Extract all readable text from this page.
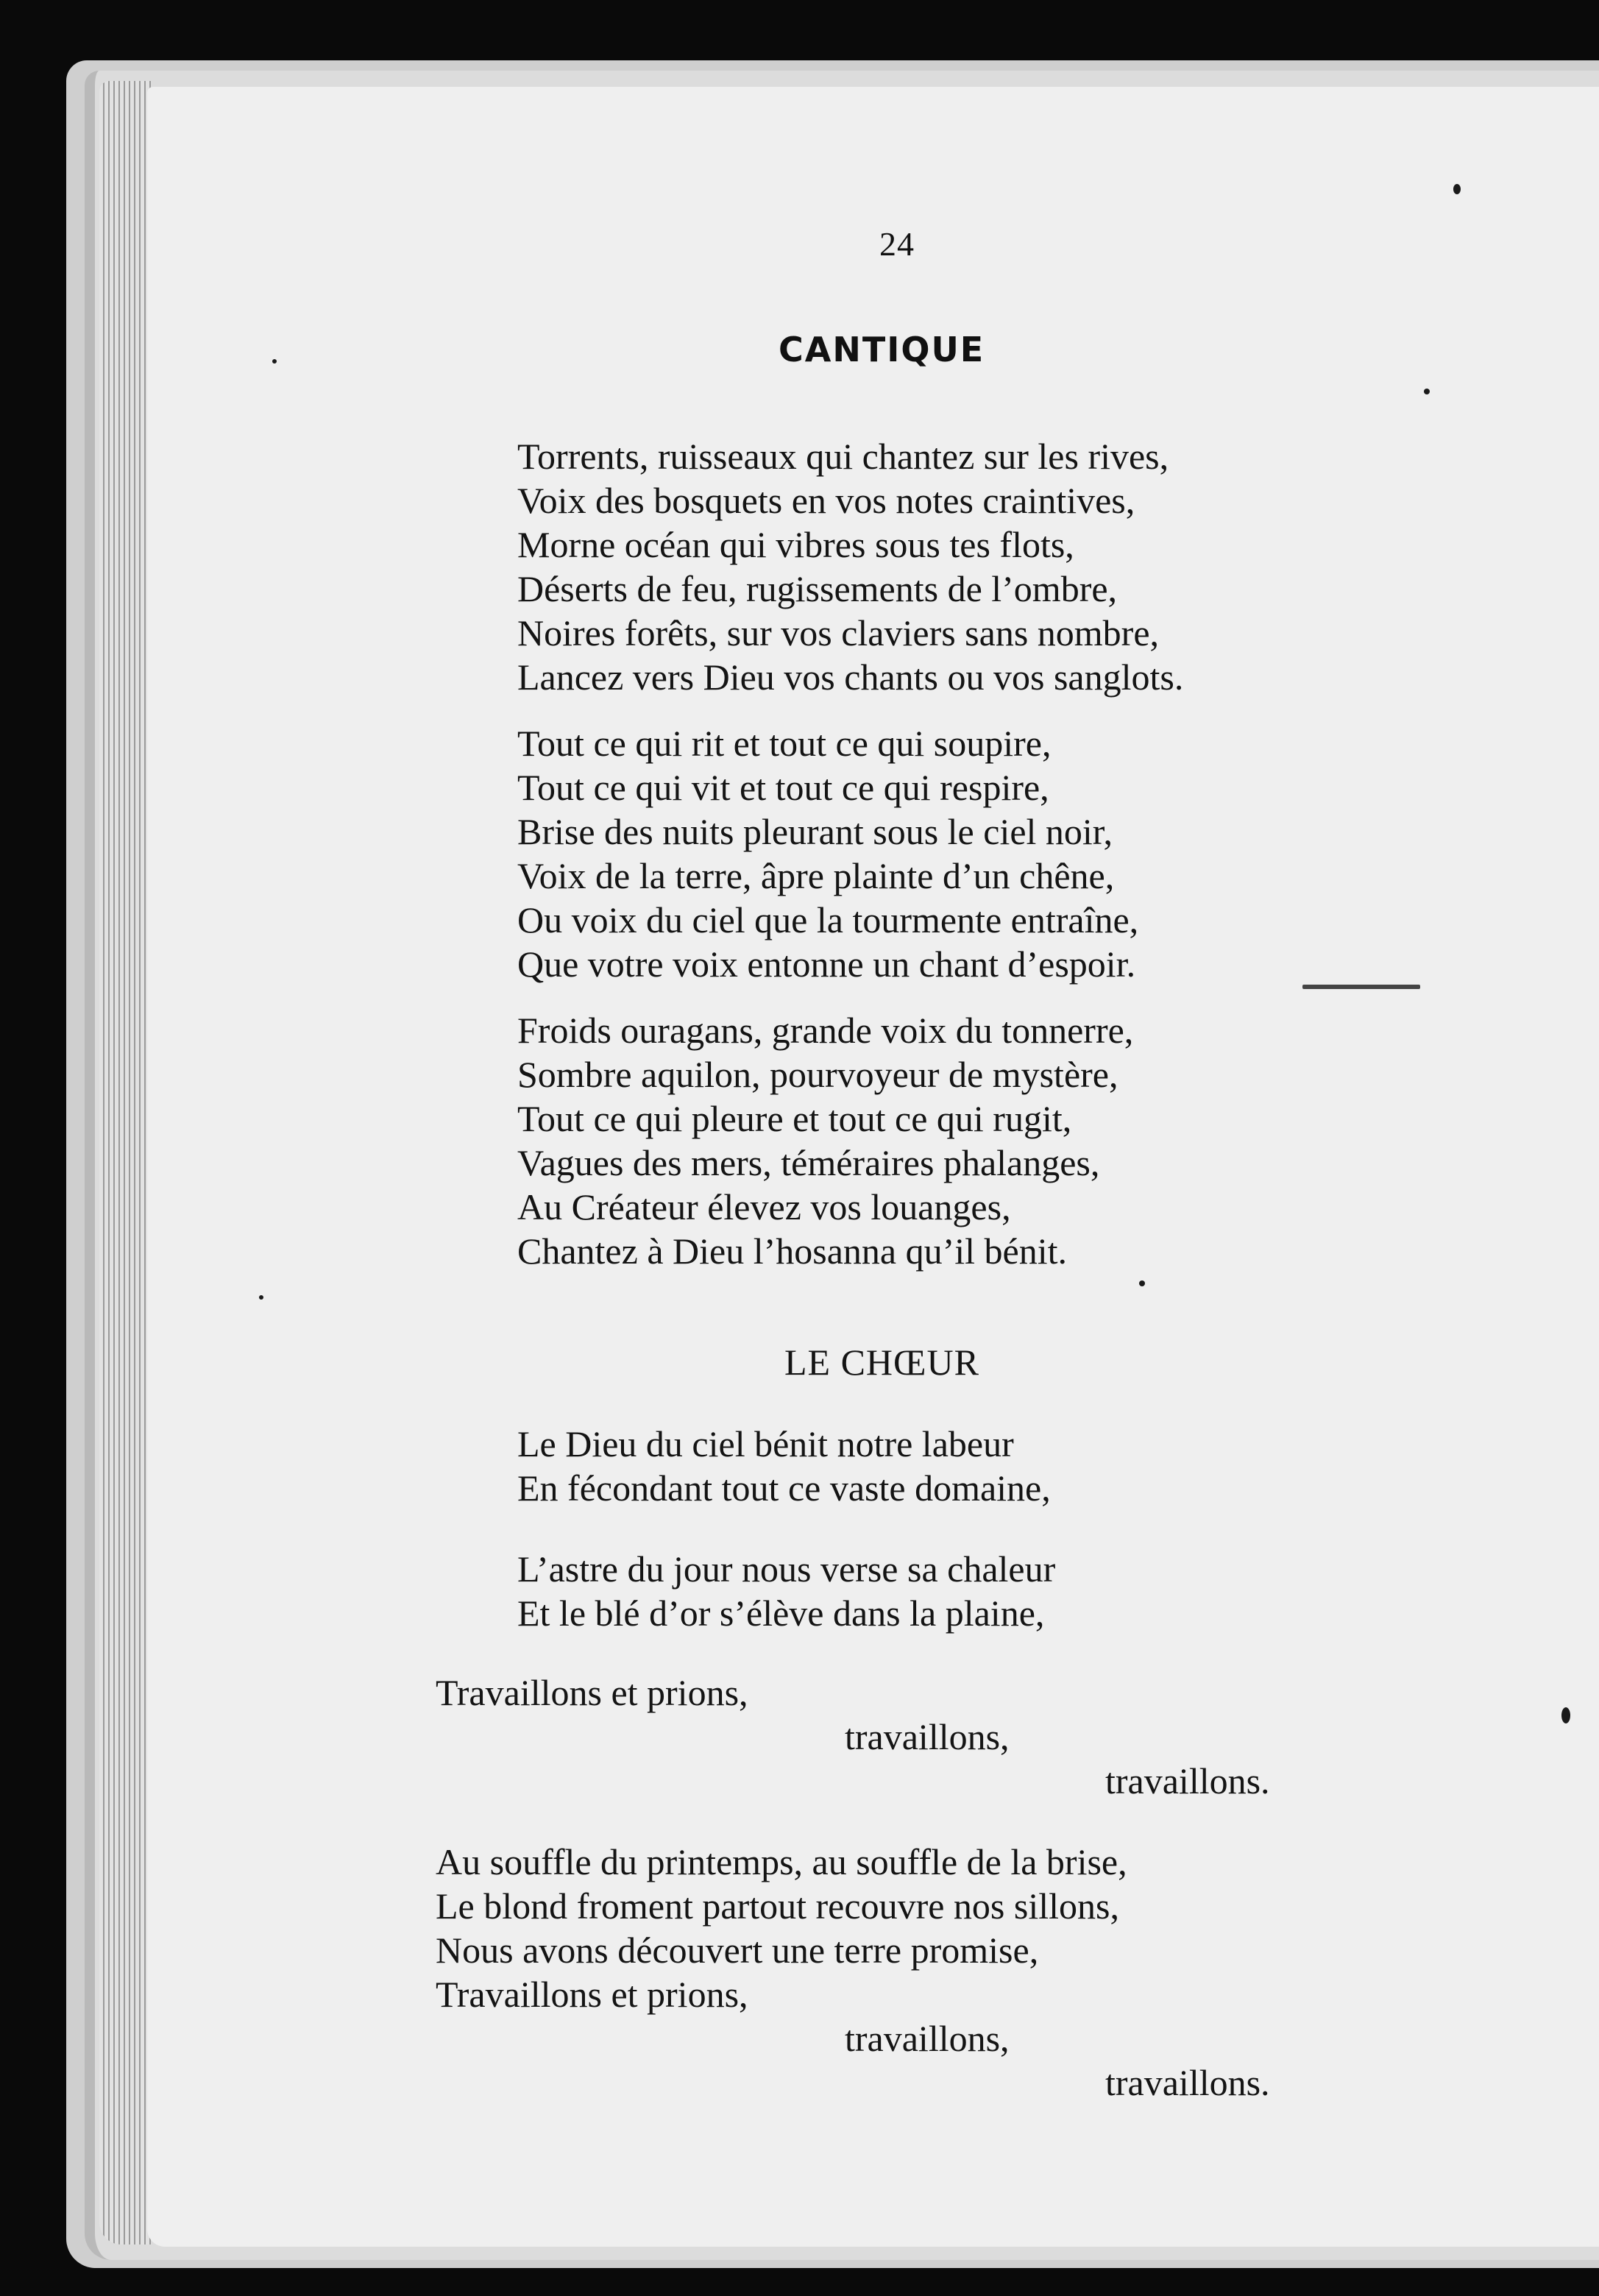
24
CANTIQUE
Torrents, ruisseaux qui chantez sur les rives,
Voix des bosquets en vos notes craintives,
Morne océan qui vibres sous tes flots,
Déserts de feu, rugissements de l’ombre,
Noires forêts, sur vos claviers sans nombre,
Lancez vers Dieu vos chants ou vos sanglots.
Tout ce qui rit et tout ce qui soupire,
Tout ce qui vit et tout ce qui respire,
Brise des nuits pleurant sous le ciel noir,
Voix de la terre, âpre plainte d’un chêne,
Ou voix du ciel que la tourmente entraîne,
Que votre voix entonne un chant d’espoir.
Froids ouragans, grande voix du tonnerre,
Sombre aquilon, pourvoyeur de mystère,
Tout ce qui pleure et tout ce qui rugit,
Vagues des mers, téméraires phalanges,
Au Créateur élevez vos louanges,
Chantez à Dieu l’hosanna qu’il bénit.
LE CHŒUR
Le Dieu du ciel bénit notre labeur
En fécondant tout ce vaste domaine,
L’astre du jour nous verse sa chaleur
Et le blé d’or s’élève dans la plaine,
Travaillons et prions,
travaillons,
travaillons.
Au souffle du printemps, au souffle de la brise,
Le blond froment partout recouvre nos sillons,
Nous avons découvert une terre promise,
Travaillons et prions,
travaillons,
travaillons.
